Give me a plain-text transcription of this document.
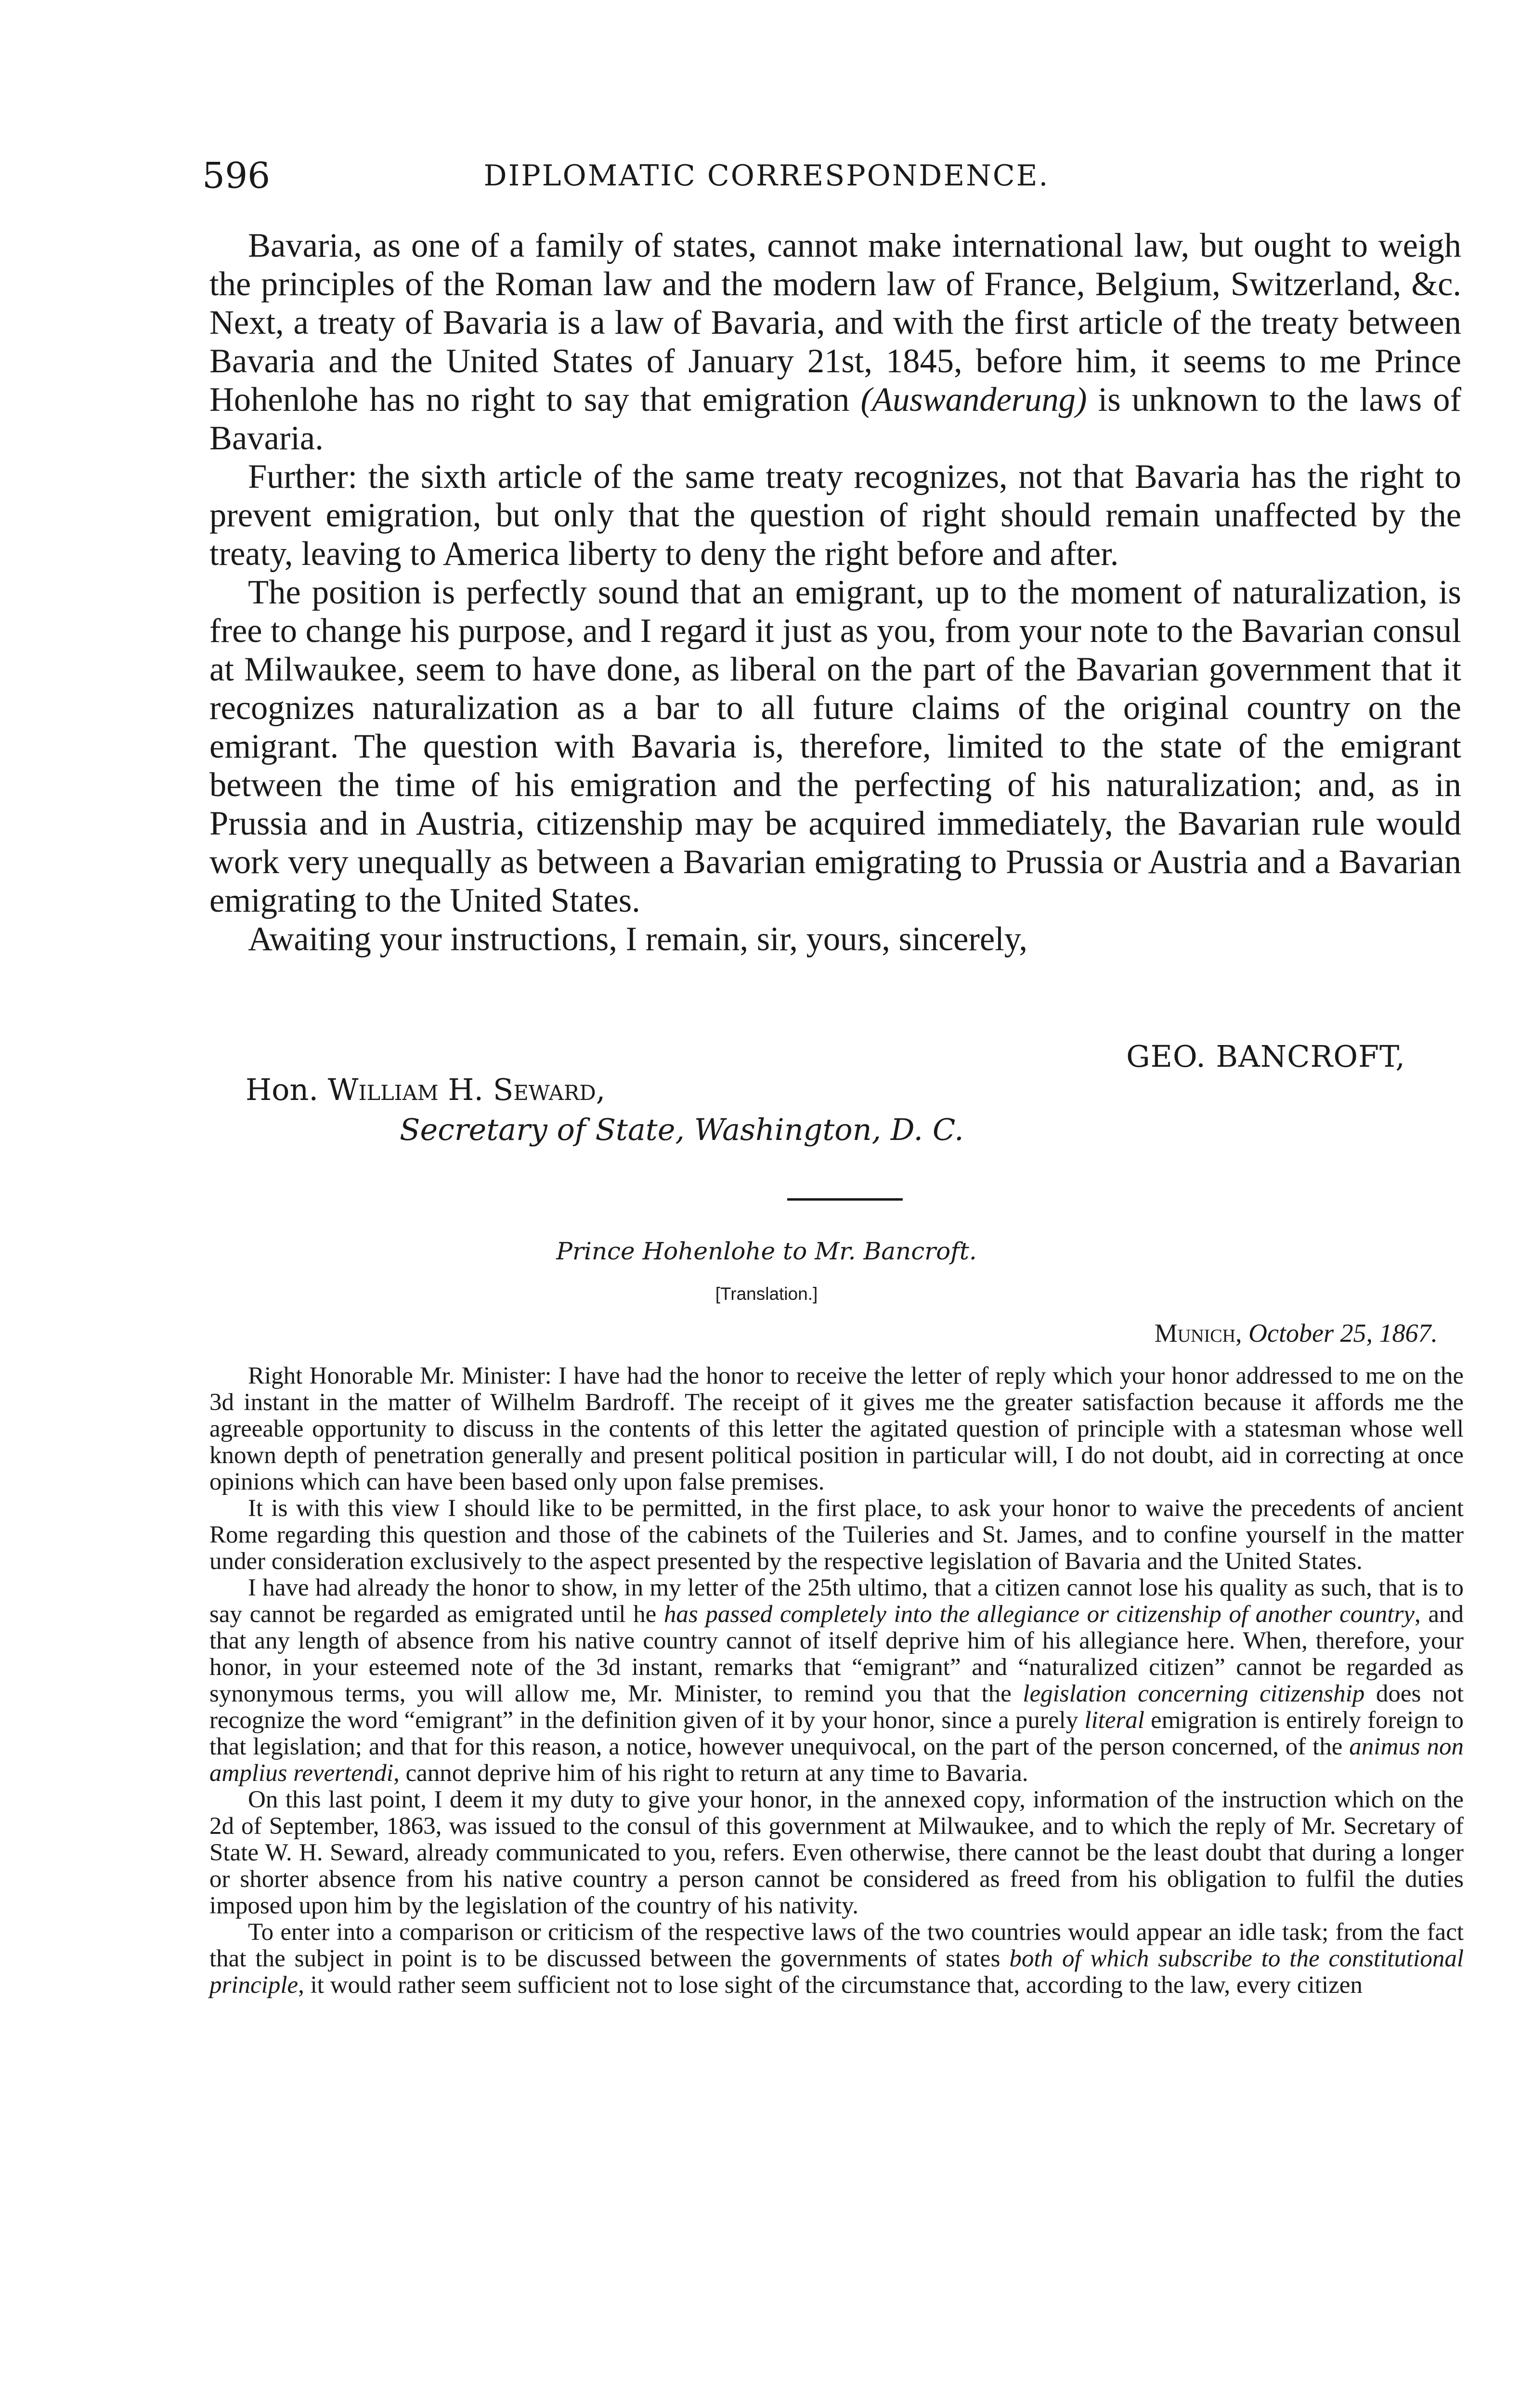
596	DIPLOMATIC CORRESPONDENCE.

Bavaria, as one of a family of states, cannot make international law, but ought to weigh the principles of the Roman law and the modern law of France, Belgium, Switzerland, &c. Next, a treaty of Bavaria is a law of Bavaria, and with the first article of the treaty between Bavaria and the United States of January 21st, 1845, before him, it seems to me Prince Hohenlohe has no right to say that emigration (Auswanderung) is unknown to the laws of Bavaria.

Further: the sixth article of the same treaty recognizes, not that Bavaria has the right to prevent emigration, but only that the question of right should remain unaffected by the treaty, leaving to America liberty to deny the right before and after.

The position is perfectly sound that an emigrant, up to the moment of naturalization, is free to change his purpose, and I regard it just as you, from your note to the Bavarian consul at Milwaukee, seem to have done, as liberal on the part of the Bavarian government that it recognizes naturalization as a bar to all future claims of the original country on the emigrant. The question with Bavaria is, therefore, limited to the state of the emigrant between the time of his emigration and the perfecting of his naturalization; and, as in Prussia and in Austria, citizenship may be acquired immediately, the Bavarian rule would work very unequally as between a Bavarian emigrating to Prussia or Austria and a Bavarian emigrating to the United States.

Awaiting your instructions, I remain, sir, yours, sincerely,

GEO. BANCROFT,
Hon. William H. Seward,
Secretary of State, Washington, D. C.
Prince Hohenlohe to Mr. Bancroft.
[Translation.]
Munich, October 25, 1867.

Right Honorable Mr. Minister: I have had the honor to receive the letter of reply which your honor addressed to me on the 3d instant in the matter of Wilhelm Bardroff. The receipt of it gives me the greater satisfaction because it affords me the agreeable opportunity to discuss in the contents of this letter the agitated question of principle with a statesman whose well known depth of penetration generally and present political position in particular will, I do not doubt, aid in correcting at once opinions which can have been based only upon false premises.

It is with this view I should like to be permitted, in the first place, to ask your honor to waive the precedents of ancient Rome regarding this question and those of the cabinets of the Tuileries and St. James, and to confine yourself in the matter under consideration exclusively to the aspect presented by the respective legislation of Bavaria and the United States.

I have had already the honor to show, in my letter of the 25th ultimo, that a citizen cannot lose his quality as such, that is to say cannot be regarded as emigrated until he has passed completely into the allegiance or citizenship of another country, and that any length of absence from his native country cannot of itself deprive him of his allegiance here. When, therefore, your honor, in your esteemed note of the 3d instant, remarks that “emigrant” and “naturalized citizen” cannot be regarded as synonymous terms, you will allow me, Mr. Minister, to remind you that the legislation concerning citizenship does not recognize the word “emigrant” in the definition given of it by your honor, since a purely literal emigration is entirely foreign to that legislation; and that for this reason, a notice, however unequivocal, on the part of the person concerned, of the animus non amplius revertendi, cannot deprive him of his right to return at any time to Bavaria.

On this last point, I deem it my duty to give your honor, in the annexed copy, information of the instruction which on the 2d of September, 1863, was issued to the consul of this government at Milwaukee, and to which the reply of Mr. Secretary of State W. H. Seward, already communicated to you, refers. Even otherwise, there cannot be the least doubt that during a longer or shorter absence from his native country a person cannot be considered as freed from his obligation to fulfil the duties imposed upon him by the legislation of the country of his nativity.

To enter into a comparison or criticism of the respective laws of the two countries would appear an idle task; from the fact that the subject in point is to be discussed between the governments of states both of which subscribe to the constitutional principle, it would rather seem sufficient not to lose sight of the circumstance that, according to the law, every citizen
